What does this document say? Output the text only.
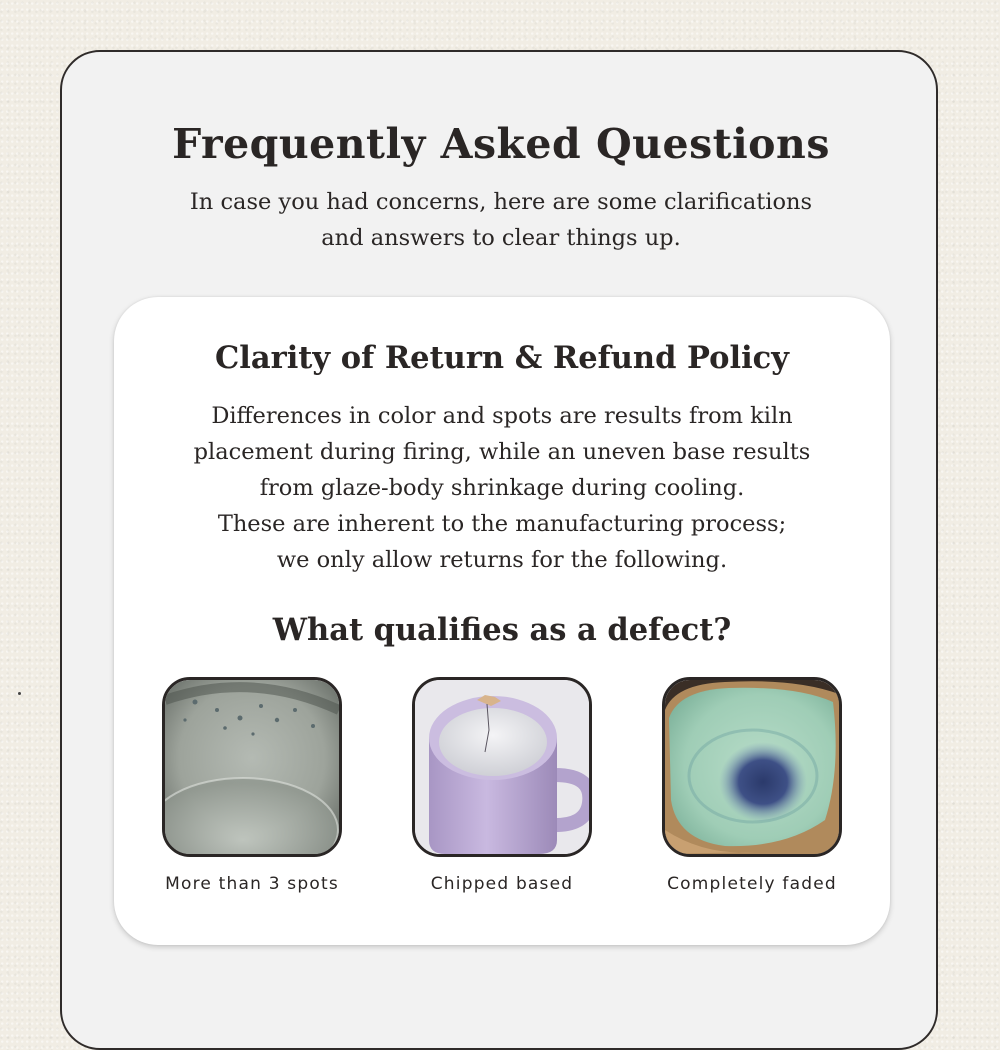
Frequently Asked Questions

In case you had concerns, here are some clarifications
and answers to clear things up.

Clarity of Return & Refund Policy

Differences in color and spots are results from kiln
placement during firing, while an uneven base results
from glaze-body shrinkage during cooling.
These are inherent to the manufacturing process;
we only allow returns for the following.

What qualifies as a defect?
More than 3 spots	Chipped based	Completely faded
